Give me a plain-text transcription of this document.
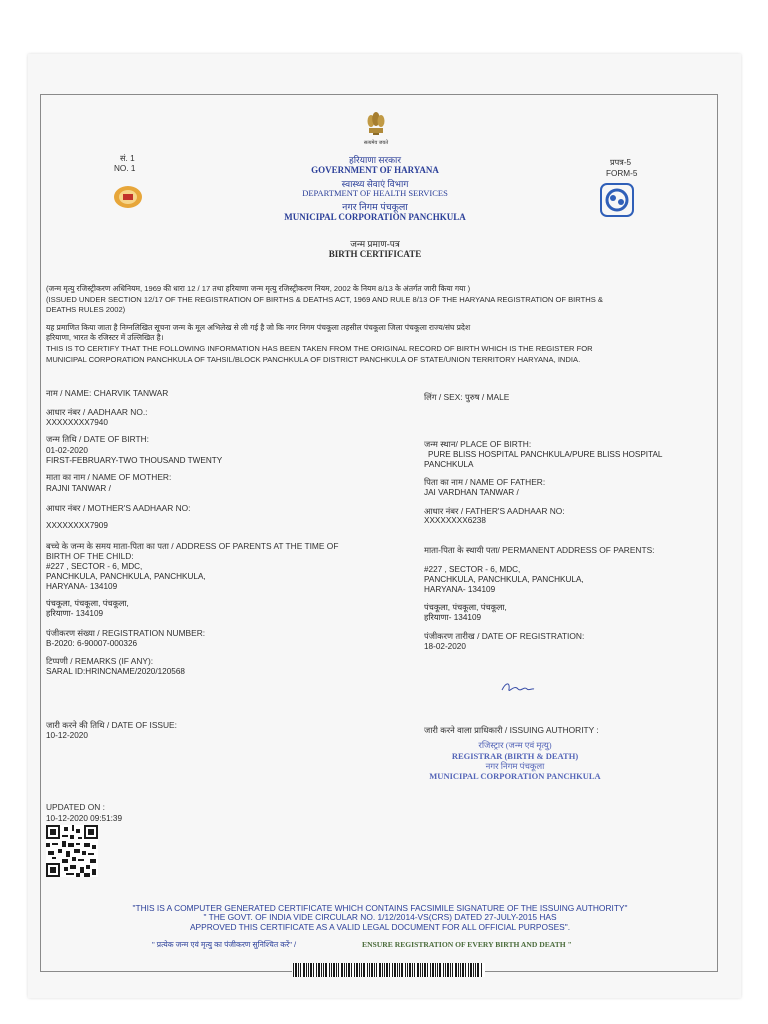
सत्यमेव जयते
सं. 1
NO. 1
हरियाणा सरकार
GOVERNMENT OF HARYANA
स्वास्थ्य सेवाएं विभाग
DEPARTMENT OF HEALTH SERVICES
नगर निगम पंचकूला
MUNICIPAL CORPORATION PANCHKULA
प्रपत्र-5
FORM-5
जन्म प्रमाण-पत्र
BIRTH CERTIFICATE
(जन्म मृत्यु रजिस्ट्रीकरण अधिनियम, 1969 की धारा 12 / 17 तथा हरियाणा जन्म मृत्यु रजिस्ट्रीकरण नियम, 2002 के नियम 8/13 के अंतर्गत जारी किया गया )
(ISSUED UNDER SECTION 12/17 OF THE REGISTRATION OF BIRTHS & DEATHS ACT, 1969 AND RULE 8/13 OF THE HARYANA REGISTRATION OF BIRTHS &
DEATHS RULES 2002)
यह प्रमाणित किया जाता है निम्नलिखित सूचना जन्म के मूल अभिलेख से ली गई है जो कि नगर निगम पंचकूला तहसील पंचकूला जिला पंचकूला राज्य/संघ प्रदेश
हरियाणा, भारत के रजिस्टर में उल्लिखित है।
THIS IS TO CERTIFY THAT THE FOLLOWING INFORMATION HAS BEEN TAKEN FROM THE ORIGINAL RECORD OF BIRTH WHICH IS THE REGISTER FOR
MUNICIPAL CORPORATION PANCHKULA OF TAHSIL/BLOCK PANCHKULA OF DISTRICT PANCHKULA OF STATE/UNION TERRITORY HARYANA, INDIA.
नाम / NAME: CHARVIK TANWAR
आधार नंबर / AADHAAR NO.:
XXXXXXXX7940
जन्म तिथि / DATE OF BIRTH:
01-02-2020
FIRST-FEBRUARY-TWO THOUSAND TWENTY
माता का नाम / NAME OF MOTHER:
RAJNI TANWAR /
आधार नंबर / MOTHER'S AADHAAR NO:
XXXXXXXX7909
बच्चे के जन्म के समय माता-पिता का पता / ADDRESS OF PARENTS AT THE TIME OF
BIRTH OF THE CHILD:
#227 , SECTOR - 6, MDC,
PANCHKULA, PANCHKULA, PANCHKULA,
HARYANA- 134109
पंचकूला, पंचकूला, पंचकूला,
हरियाणा- 134109
पंजीकरण संख्या / REGISTRATION NUMBER:
B-2020: 6-90007-000326
टिप्पणी / REMARKS (IF ANY):
SARAL ID:HRINCNAME/2020/120568
जारी करने की तिथि / DATE OF ISSUE:
10-12-2020
UPDATED ON :
10-12-2020 09:51:39
लिंग / SEX: पुरुष / MALE
जन्म स्थान/ PLACE OF BIRTH:
PURE BLISS HOSPITAL PANCHKULA/PURE BLISS HOSPITAL
PANCHKULA
पिता का नाम / NAME OF FATHER:
JAI VARDHAN TANWAR /
आधार नंबर / FATHER'S AADHAAR NO:
XXXXXXXX6238
माता-पिता के स्थायी पता/ PERMANENT ADDRESS OF PARENTS:
#227 , SECTOR - 6, MDC,
PANCHKULA, PANCHKULA, PANCHKULA,
HARYANA- 134109
पंचकूला, पंचकूला, पंचकूला,
हरियाणा- 134109
पंजीकरण तारीख / DATE OF REGISTRATION:
18-02-2020
जारी करने वाला प्राधिकारी / ISSUING AUTHORITY :
रजिस्ट्रार (जन्म एवं मृत्यु)
REGISTRAR (BIRTH & DEATH)
नगर निगम पंचकूला
MUNICIPAL CORPORATION PANCHKULA
"THIS IS A COMPUTER GENERATED CERTIFICATE WHICH CONTAINS FACSIMILE SIGNATURE OF THE ISSUING AUTHORITY"
" THE GOVT. OF INDIA VIDE CIRCULAR NO. 1/12/2014-VS(CRS) DATED 27-JULY-2015 HAS
APPROVED THIS CERTIFICATE AS A VALID LEGAL DOCUMENT FOR ALL OFFICIAL PURPOSES".
" प्रत्येक जन्म एवं मृत्यु का पंजीकरण सुनिश्चित करें" /	ENSURE REGISTRATION OF EVERY BIRTH AND DEATH "
